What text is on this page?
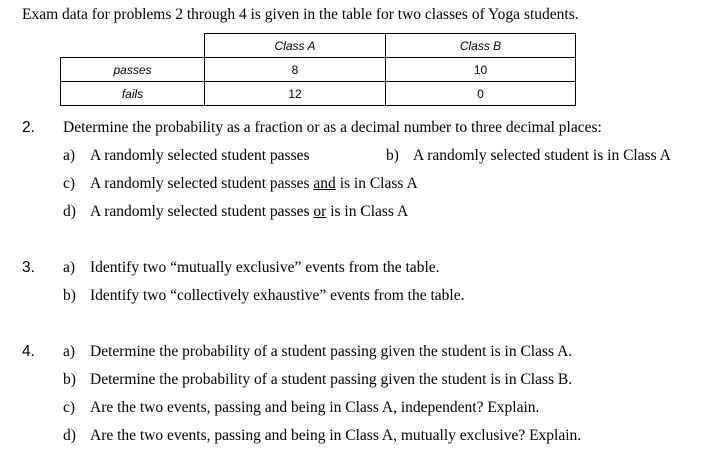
Exam data for problems 2 through 4 is given in the table for two classes of Yoga students.
	Class A	Class B
passes	8	10
fails	12	0
2. Determine the probability as a fraction or as a decimal number to three decimal places:
a) A randomly selected student passes	b) A randomly selected student is in Class A
c) A randomly selected student passes and is in Class A
d) A randomly selected student passes or is in Class A
3. a) Identify two “mutually exclusive” events from the table.
b) Identify two “collectively exhaustive” events from the table.
4. a) Determine the probability of a student passing given the student is in Class A.
b) Determine the probability of a student passing given the student is in Class B.
c) Are the two events, passing and being in Class A, independent? Explain.
d) Are the two events, passing and being in Class A, mutually exclusive? Explain.
